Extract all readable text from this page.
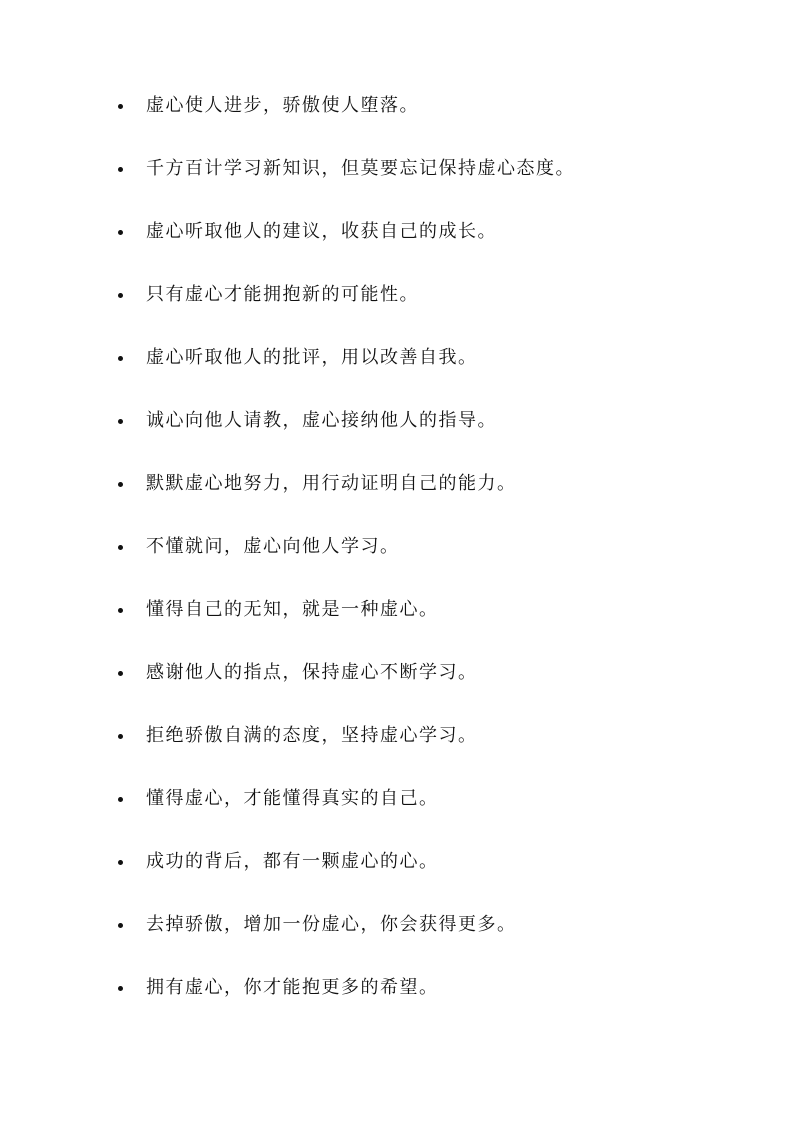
虚心使人进步，骄傲使人堕落。
千方百计学习新知识，但莫要忘记保持虚心态度。
虚心听取他人的建议，收获自己的成长。
只有虚心才能拥抱新的可能性。
虚心听取他人的批评，用以改善自我。
诚心向他人请教，虚心接纳他人的指导。
默默虚心地努力，用行动证明自己的能力。
不懂就问，虚心向他人学习。
懂得自己的无知，就是一种虚心。
感谢他人的指点，保持虚心不断学习。
拒绝骄傲自满的态度，坚持虚心学习。
懂得虚心，才能懂得真实的自己。
成功的背后，都有一颗虚心的心。
去掉骄傲，增加一份虚心，你会获得更多。
拥有虚心，你才能抱更多的希望。
